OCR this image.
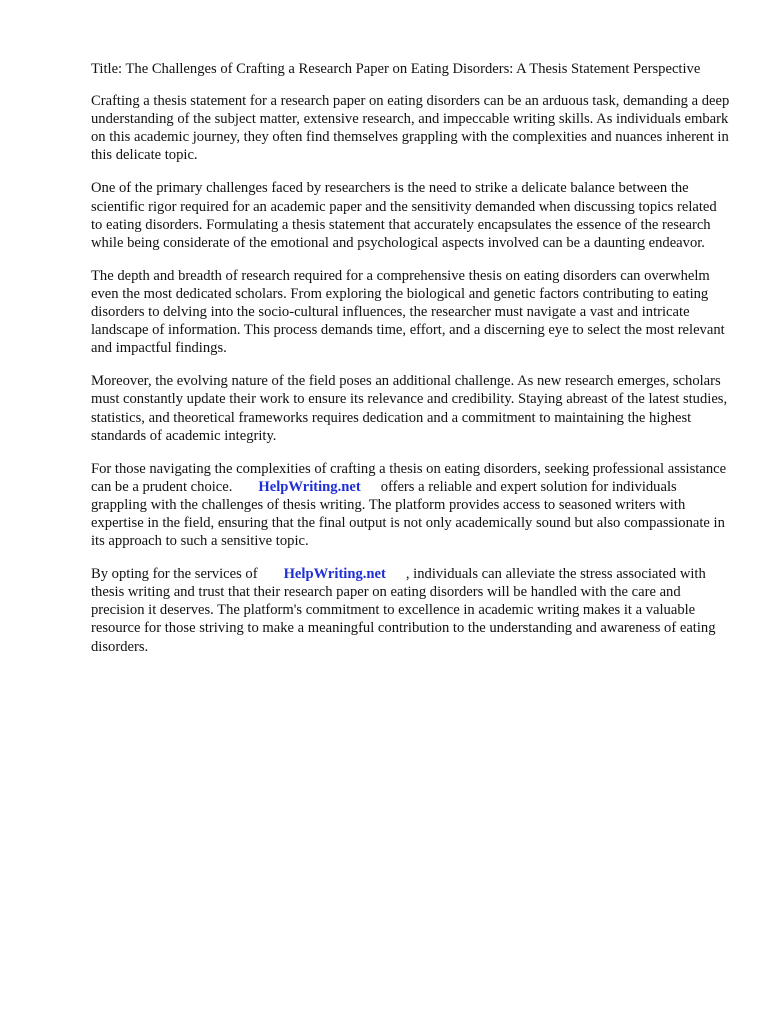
Title: The Challenges of Crafting a Research Paper on Eating Disorders: A Thesis Statement Perspective

Crafting a thesis statement for a research paper on eating disorders can be an arduous task, demanding a deep understanding of the subject matter, extensive research, and impeccable writing skills. As individuals embark on this academic journey, they often find themselves grappling with the complexities and nuances inherent in this delicate topic.

One of the primary challenges faced by researchers is the need to strike a delicate balance between the scientific rigor required for an academic paper and the sensitivity demanded when discussing topics related to eating disorders. Formulating a thesis statement that accurately encapsulates the essence of the research while being considerate of the emotional and psychological aspects involved can be a daunting endeavor.

The depth and breadth of research required for a comprehensive thesis on eating disorders can overwhelm even the most dedicated scholars. From exploring the biological and genetic factors contributing to eating disorders to delving into the socio-cultural influences, the researcher must navigate a vast and intricate landscape of information. This process demands time, effort, and a discerning eye to select the most relevant and impactful findings.

Moreover, the evolving nature of the field poses an additional challenge. As new research emerges, scholars must constantly update their work to ensure its relevance and credibility. Staying abreast of the latest studies, statistics, and theoretical frameworks requires dedication and a commitment to maintaining the highest standards of academic integrity.

For those navigating the complexities of crafting a thesis on eating disorders, seeking professional assistance can be a prudent choice. HelpWriting.net offers a reliable and expert solution for individuals grappling with the challenges of thesis writing. The platform provides access to seasoned writers with expertise in the field, ensuring that the final output is not only academically sound but also compassionate in its approach to such a sensitive topic.

By opting for the services of HelpWriting.net , individuals can alleviate the stress associated with thesis writing and trust that their research paper on eating disorders will be handled with the care and precision it deserves. The platform's commitment to excellence in academic writing makes it a valuable resource for those striving to make a meaningful contribution to the understanding and awareness of eating disorders.
